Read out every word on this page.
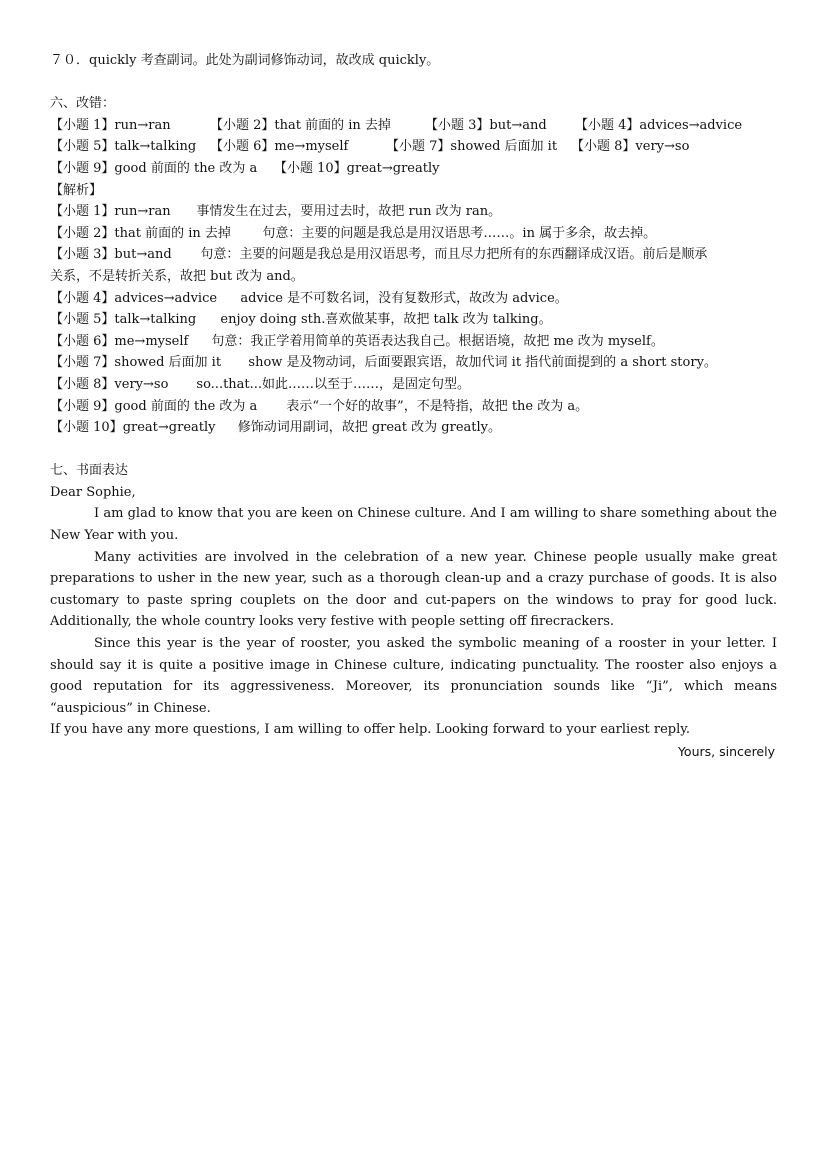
７０．quickly 考查副词。此处为副词修饰动词，故改成 quickly。
六、改错：
【小题 1】run→ran	【小题 2】that 前面的 in 去掉	【小题 3】but→and 【小题 4】advices→advice
【小题 5】talk→talking 【小题 6】me→myself	【小题 7】showed 后面加 it 【小题 8】very→so
【小题 9】good 前面的 the 改为 a 【小题 10】great→greatly
【解析】
【小题 1】run→ran 事情发生在过去，要用过去时，故把 run 改为 ran。
【小题 2】that 前面的 in 去掉 句意：主要的问题是我总是用汉语思考……。in 属于多余，故去掉。
【小题 3】but→and 句意：主要的问题是我总是用汉语思考，而且尽力把所有的东西翻译成汉语。前后是顺承
关系，不是转折关系，故把 but 改为 and。
【小题 4】advices→advice advice 是不可数名词，没有复数形式，故改为 advice。
【小题 5】talk→talking enjoy doing sth.喜欢做某事，故把 talk 改为 talking。
【小题 6】me→myself 句意：我正学着用简单的英语表达我自己。根据语境，故把 me 改为 myself。
【小题 7】showed 后面加 it show 是及物动词，后面要跟宾语，故加代词 it 指代前面提到的 a short story。
【小题 8】very→so so...that...如此……以至于……，是固定句型。
【小题 9】good 前面的 the 改为 a 表示“一个好的故事”，不是特指，故把 the 改为 a。
【小题 10】great→greatly 修饰动词用副词，故把 great 改为 greatly。
七、书面表达
Dear Sophie,
I am glad to know that you are keen on Chinese culture. And I am willing to share something about the New Year with you.
Many activities are involved in the celebration of a new year. Chinese people usually make great preparations to usher in the new year, such as a thorough clean-up and a crazy purchase of goods. It is also customary to paste spring couplets on the door and cut-papers on the windows to pray for good luck. Additionally, the whole country looks very festive with people setting off firecrackers.
Since this year is the year of rooster, you asked the symbolic meaning of a rooster in your letter. I should say it is quite a positive image in Chinese culture, indicating punctuality. The rooster also enjoys a good reputation for its aggressiveness. Moreover, its pronunciation sounds like “Ji”, which means “auspicious” in Chinese.
If you have any more questions, I am willing to offer help. Looking forward to your earliest reply.
Yours, sincerely
